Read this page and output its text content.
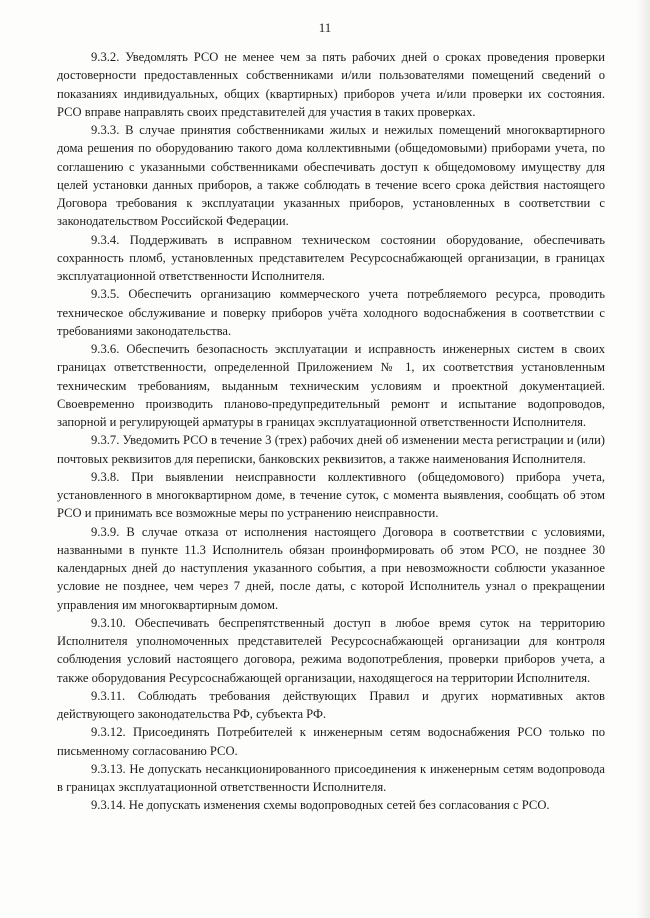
11

9.3.2. Уведомлять РСО не менее чем за пять рабочих дней о сроках проведения проверки достоверности предоставленных собственниками и/или пользователями помещений сведений о показаниях индивидуальных, общих (квартирных) приборов учета и/или проверки их состояния. РСО вправе направлять своих представителей для участия в таких проверках.

9.3.3. В случае принятия собственниками жилых и нежилых помещений многоквартирного дома решения по оборудованию такого дома коллективными (общедомовыми) приборами учета, по соглашению с указанными собственниками обеспечивать доступ к общедомовому имуществу для целей установки данных приборов, а также соблюдать в течение всего срока действия настоящего Договора требования к эксплуатации указанных приборов, установленных в соответствии с законодательством Российской Федерации.

9.3.4. Поддерживать в исправном техническом состоянии оборудование, обеспечивать сохранность пломб, установленных представителем Ресурсоснабжающей организации, в границах эксплуатационной ответственности Исполнителя.

9.3.5. Обеспечить организацию коммерческого учета потребляемого ресурса, проводить техническое обслуживание и поверку приборов учёта холодного водоснабжения в соответствии с требованиями законодательства.

9.3.6. Обеспечить безопасность эксплуатации и исправность инженерных систем в своих границах ответственности, определенной Приложением № 1, их соответствия установленным техническим требованиям, выданным техническим условиям и проектной документацией. Своевременно производить планово-предупредительный ремонт и испытание водопроводов, запорной и регулирующей арматуры в границах эксплуатационной ответственности Исполнителя.

9.3.7. Уведомить РСО в течение 3 (трех) рабочих дней об изменении места регистрации и (или) почтовых реквизитов для переписки, банковских реквизитов, а также наименования Исполнителя.

9.3.8. При выявлении неисправности коллективного (общедомового) прибора учета, установленного в многоквартирном доме, в течение суток, с момента выявления, сообщать об этом РСО и принимать все возможные меры по устранению неисправности.

9.3.9. В случае отказа от исполнения настоящего Договора в соответствии с условиями, названными в пункте 11.3 Исполнитель обязан проинформировать об этом РСО, не позднее 30 календарных дней до наступления указанного события, а при невозможности соблюсти указанное условие не позднее, чем через 7 дней, после даты, с которой Исполнитель узнал о прекращении управления им многоквартирным домом.

9.3.10. Обеспечивать беспрепятственный доступ в любое время суток на территорию Исполнителя уполномоченных представителей Ресурсоснабжающей организации для контроля соблюдения условий настоящего договора, режима водопотребления, проверки приборов учета, а также оборудования Ресурсоснабжающей организации, находящегося на территории Исполнителя.

9.3.11. Соблюдать требования действующих Правил и других нормативных актов действующего законодательства РФ, субъекта РФ.

9.3.12. Присоединять Потребителей к инженерным сетям водоснабжения РСО только по письменному согласованию РСО.

9.3.13. Не допускать несанкционированного присоединения к инженерным сетям водопровода в границах эксплуатационной ответственности Исполнителя.

9.3.14. Не допускать изменения схемы водопроводных сетей без согласования с РСО.
